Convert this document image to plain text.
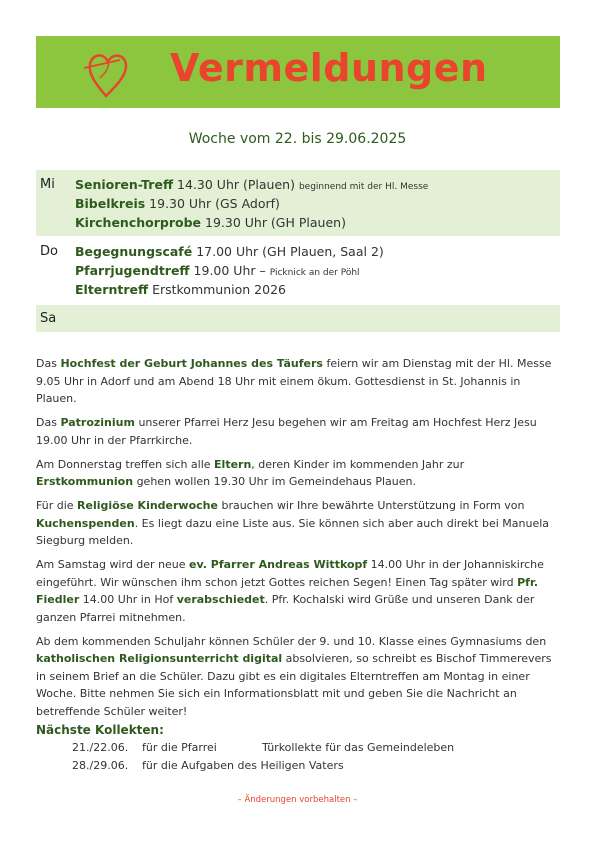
Vermeldungen
Woche vom 22. bis 29.06.2025
Mi Senioren-Treff 14.30 Uhr (Plauen) beginnend mit der Hl. Messe
Bibelkreis 19.30 Uhr (GS Adorf)
Kirchenchorprobe 19.30 Uhr (GH Plauen)
Do Begegnungscafé 17.00 Uhr (GH Plauen, Saal 2)
Pfarrjugendtreff 19.00 Uhr – Picknick an der Pöhl
Elterntreff Erstkommunion 2026
Sa

Das Hochfest der Geburt Johannes des Täufers feiern wir am Dienstag mit der Hl. Messe 9.05 Uhr in Adorf und am Abend 18 Uhr mit einem ökum. Gottesdienst in St. Johannis in Plauen.

Das Patrozinium unserer Pfarrei Herz Jesu begehen wir am Freitag am Hochfest Herz Jesu 19.00 Uhr in der Pfarrkirche.

Am Donnerstag treffen sich alle Eltern, deren Kinder im kommenden Jahr zur Erstkommunion gehen wollen 19.30 Uhr im Gemeindehaus Plauen.

Für die Religiöse Kinderwoche brauchen wir Ihre bewährte Unterstützung in Form von Kuchenspenden. Es liegt dazu eine Liste aus. Sie können sich aber auch direkt bei Manuela Siegburg melden.

Am Samstag wird der neue ev. Pfarrer Andreas Wittkopf 14.00 Uhr in der Johanniskirche eingeführt. Wir wünschen ihm schon jetzt Gottes reichen Segen! Einen Tag später wird Pfr. Fiedler 14.00 Uhr in Hof verabschiedet. Pfr. Kochalski wird Grüße und unseren Dank der ganzen Pfarrei mitnehmen.

Ab dem kommenden Schuljahr können Schüler der 9. und 10. Klasse eines Gymnasiums den katholischen Religionsunterricht digital absolvieren, so schreibt es Bischof Timmerevers in seinem Brief an die Schüler. Dazu gibt es ein digitales Elterntreffen am Montag in einer Woche. Bitte nehmen Sie sich ein Informationsblatt mit und geben Sie die Nachricht an betreffende Schüler weiter!

Nächste Kollekten:
21./22.06. für die Pfarrei	Türkollekte für das Gemeindeleben
28./29.06. für die Aufgaben des Heiligen Vaters
– Änderungen vorbehalten –
